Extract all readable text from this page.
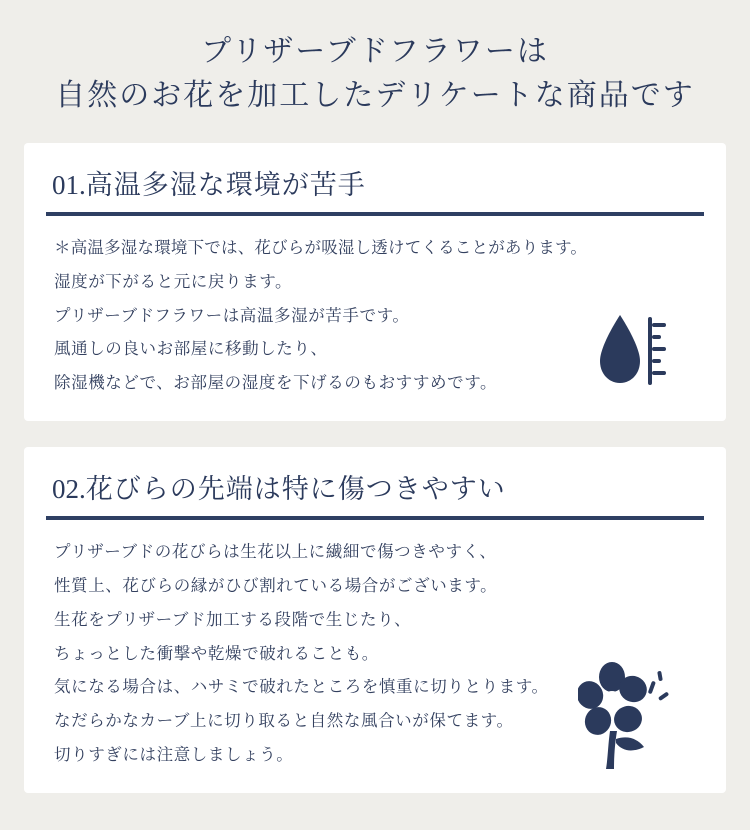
プリザーブドフラワーは
自然のお花を加工したデリケートな商品です
01.高温多湿な環境が苦手
＊高温多湿な環境下では、花びらが吸湿し透けてくることがあります。
湿度が下がると元に戻ります。
プリザーブドフラワーは高温多湿が苦手です。
風通しの良いお部屋に移動したり、
除湿機などで、お部屋の湿度を下げるのもおすすめです。
02.花びらの先端は特に傷つきやすい
プリザーブドの花びらは生花以上に繊細で傷つきやすく、
性質上、花びらの縁がひび割れている場合がございます。
生花をプリザーブド加工する段階で生じたり、
ちょっとした衝撃や乾燥で破れることも。
気になる場合は、ハサミで破れたところを慎重に切りとります。
なだらかなカーブ上に切り取ると自然な風合いが保てます。
切りすぎには注意しましょう。
